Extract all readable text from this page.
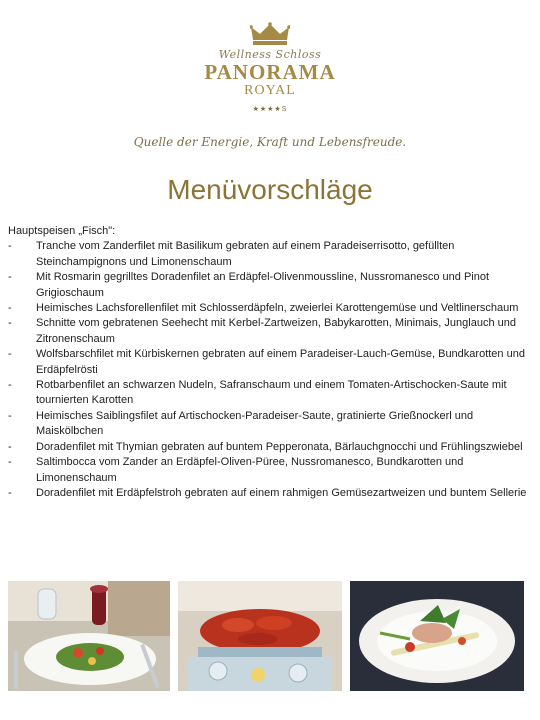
Wellness Schloss
PANORAMA
ROYAL
★★★★S
Quelle der Energie, Kraft und Lebensfreude.
Menüvorschläge

Hauptspeisen „Fisch":

- Tranche vom Zanderfilet mit Basilikum gebraten auf einem Paradeiserrisotto, gefüllten Steinchampignons und Limonenschaum
- Mit Rosmarin gegrilltes Doradenfilet an Erdäpfel-Olivenmoussline, Nussromanesco und Pinot Grigioschaum
- Heimisches Lachsforellenfilet mit Schlosserdäpfeln, zweierlei Karottengemüse und Veltlinerschaum
- Schnitte vom gebratenen Seehecht mit Kerbel-Zartweizen, Babykarotten, Minimais, Junglauch und Zitronenschaum
- Wolfsbarschfilet mit Kürbiskernen gebraten auf einem Paradeiser-Lauch-Gemüse, Bundkarotten und Erdäpfelrösti
- Rotbarbenfilet an schwarzen Nudeln, Safranschaum und einem Tomaten-Artischocken-Saute mit tournierten Karotten
- Heimisches Saiblingsfilet auf Artischocken-Paradeiser-Saute, gratinierte Grießnockerl und Maiskölbchen
- Doradenfilet mit Thymian gebraten auf buntem Pepperonata, Bärlauchgnocchi und Frühlingszwiebel
- Saltimbocca vom Zander an Erdäpfel-Oliven-Püree, Nussromanesco, Bundkarotten und Limonenschaum
- Doradenfilet mit Erdäpfelstroh gebraten auf einem rahmigen Gemüsezartweizen und buntem Sellerie
